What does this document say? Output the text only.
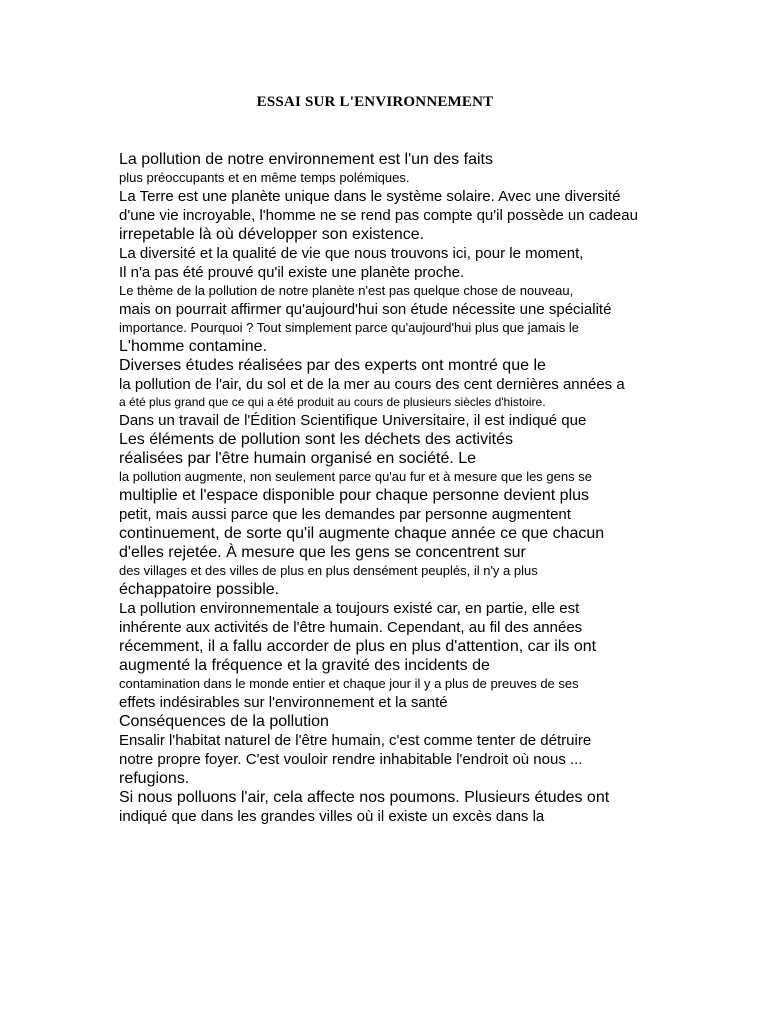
ESSAI SUR L'ENVIRONNEMENT
La pollution de notre environnement est l'un des faits
plus préoccupants et en même temps polémiques.
La Terre est une planète unique dans le système solaire. Avec une diversité
d'une vie incroyable, l'homme ne se rend pas compte qu'il possède un cadeau
irrepetable là où développer son existence.
La diversité et la qualité de vie que nous trouvons ici, pour le moment,
Il n'a pas été prouvé qu'il existe une planète proche.
Le thème de la pollution de notre planète n'est pas quelque chose de nouveau,
mais on pourrait affirmer qu'aujourd'hui son étude nécessite une spécialité
importance. Pourquoi ? Tout simplement parce qu'aujourd'hui plus que jamais le
L'homme contamine.
Diverses études réalisées par des experts ont montré que le
la pollution de l'air, du sol et de la mer au cours des cent dernières années a
a été plus grand que ce qui a été produit au cours de plusieurs siècles d'histoire.
Dans un travail de l'Édition Scientifique Universitaire, il est indiqué que
Les éléments de pollution sont les déchets des activités
réalisées par l'être humain organisé en société. Le
la pollution augmente, non seulement parce qu'au fur et à mesure que les gens se
multiplie et l'espace disponible pour chaque personne devient plus
petit, mais aussi parce que les demandes par personne augmentent
continuement, de sorte qu'il augmente chaque année ce que chacun
d'elles rejetée. À mesure que les gens se concentrent sur
des villages et des villes de plus en plus densément peuplés, il n'y a plus
échappatoire possible.
La pollution environnementale a toujours existé car, en partie, elle est
inhérente aux activités de l'être humain. Cependant, au fil des années
récemment, il a fallu accorder de plus en plus d'attention, car ils ont
augmenté la fréquence et la gravité des incidents de
contamination dans le monde entier et chaque jour il y a plus de preuves de ses
effets indésirables sur l'environnement et la santé
Conséquences de la pollution
Ensalir l'habitat naturel de l'être humain, c'est comme tenter de détruire
notre propre foyer. C'est vouloir rendre inhabitable l'endroit où nous ...
refugions.
Si nous polluons l'air, cela affecte nos poumons. Plusieurs études ont
indiqué que dans les grandes villes où il existe un excès dans la
